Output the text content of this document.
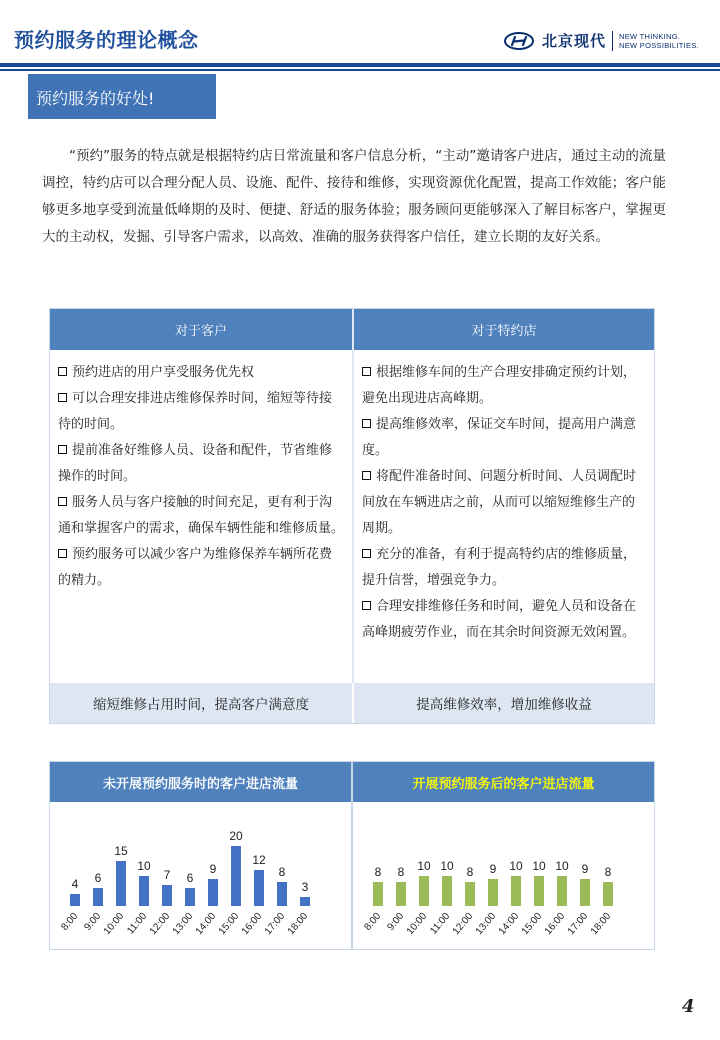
预约服务的理论概念	北京现代 NEW THINKING.
NEW POSSIBILITIES.
预约服务的好处!

“预约”服务的特点就是根据特约店日常流量和客户信息分析，“主动”邀请客户进店，通过主动的流量调控，特约店可以合理分配人员、设施、配件、接待和维修，实现资源优化配置，提高工作效能；客户能够更多地享受到流量低峰期的及时、便捷、舒适的服务体验；服务顾问更能够深入了解目标客户，掌握更大的主动权，发掘、引导客户需求，以高效、准确的服务获得客户信任，建立长期的友好关系。

对于客户	对于特约店
预约进店的用户享受服务优先权
可以合理安排进店维修保养时间，缩短等待接待的时间。
提前准备好维修人员、设备和配件，节省维修操作的时间。
服务人员与客户接触的时间充足，更有利于沟通和掌握客户的需求，确保车辆性能和维修质量。
预约服务可以减少客户为维修保养车辆所花费的精力。
根据维修车间的生产合理安排确定预约计划，避免出现进店高峰期。
提高维修效率，保证交车时间，提高用户满意度。
将配件准备时间、问题分析时间、人员调配时间放在车辆进店之前，从而可以缩短维修生产的周期。
充分的准备，有利于提高特约店的维修质量，提升信誉，增强竞争力。
合理安排维修任务和时间，避免人员和设备在高峰期疲劳作业，而在其余时间资源无效闲置。
缩短维修占用时间，提高客户满意度	提高维修效率，增加维修收益
未开展预约服务时的客户进店流量
4
8:00
6
9:00
15
10:00
10
11:00
7
12:00
6
13:00
9
14:00
20
15:00
12
16:00
8
17:00
3
18:00
开展预约服务后的客户进店流量
8
8:00
8
9:00
10
10:00
10
11:00
8
12:00
9
13:00
10
14:00
10
15:00
10
16:00
9
17:00
8
18:00
4
